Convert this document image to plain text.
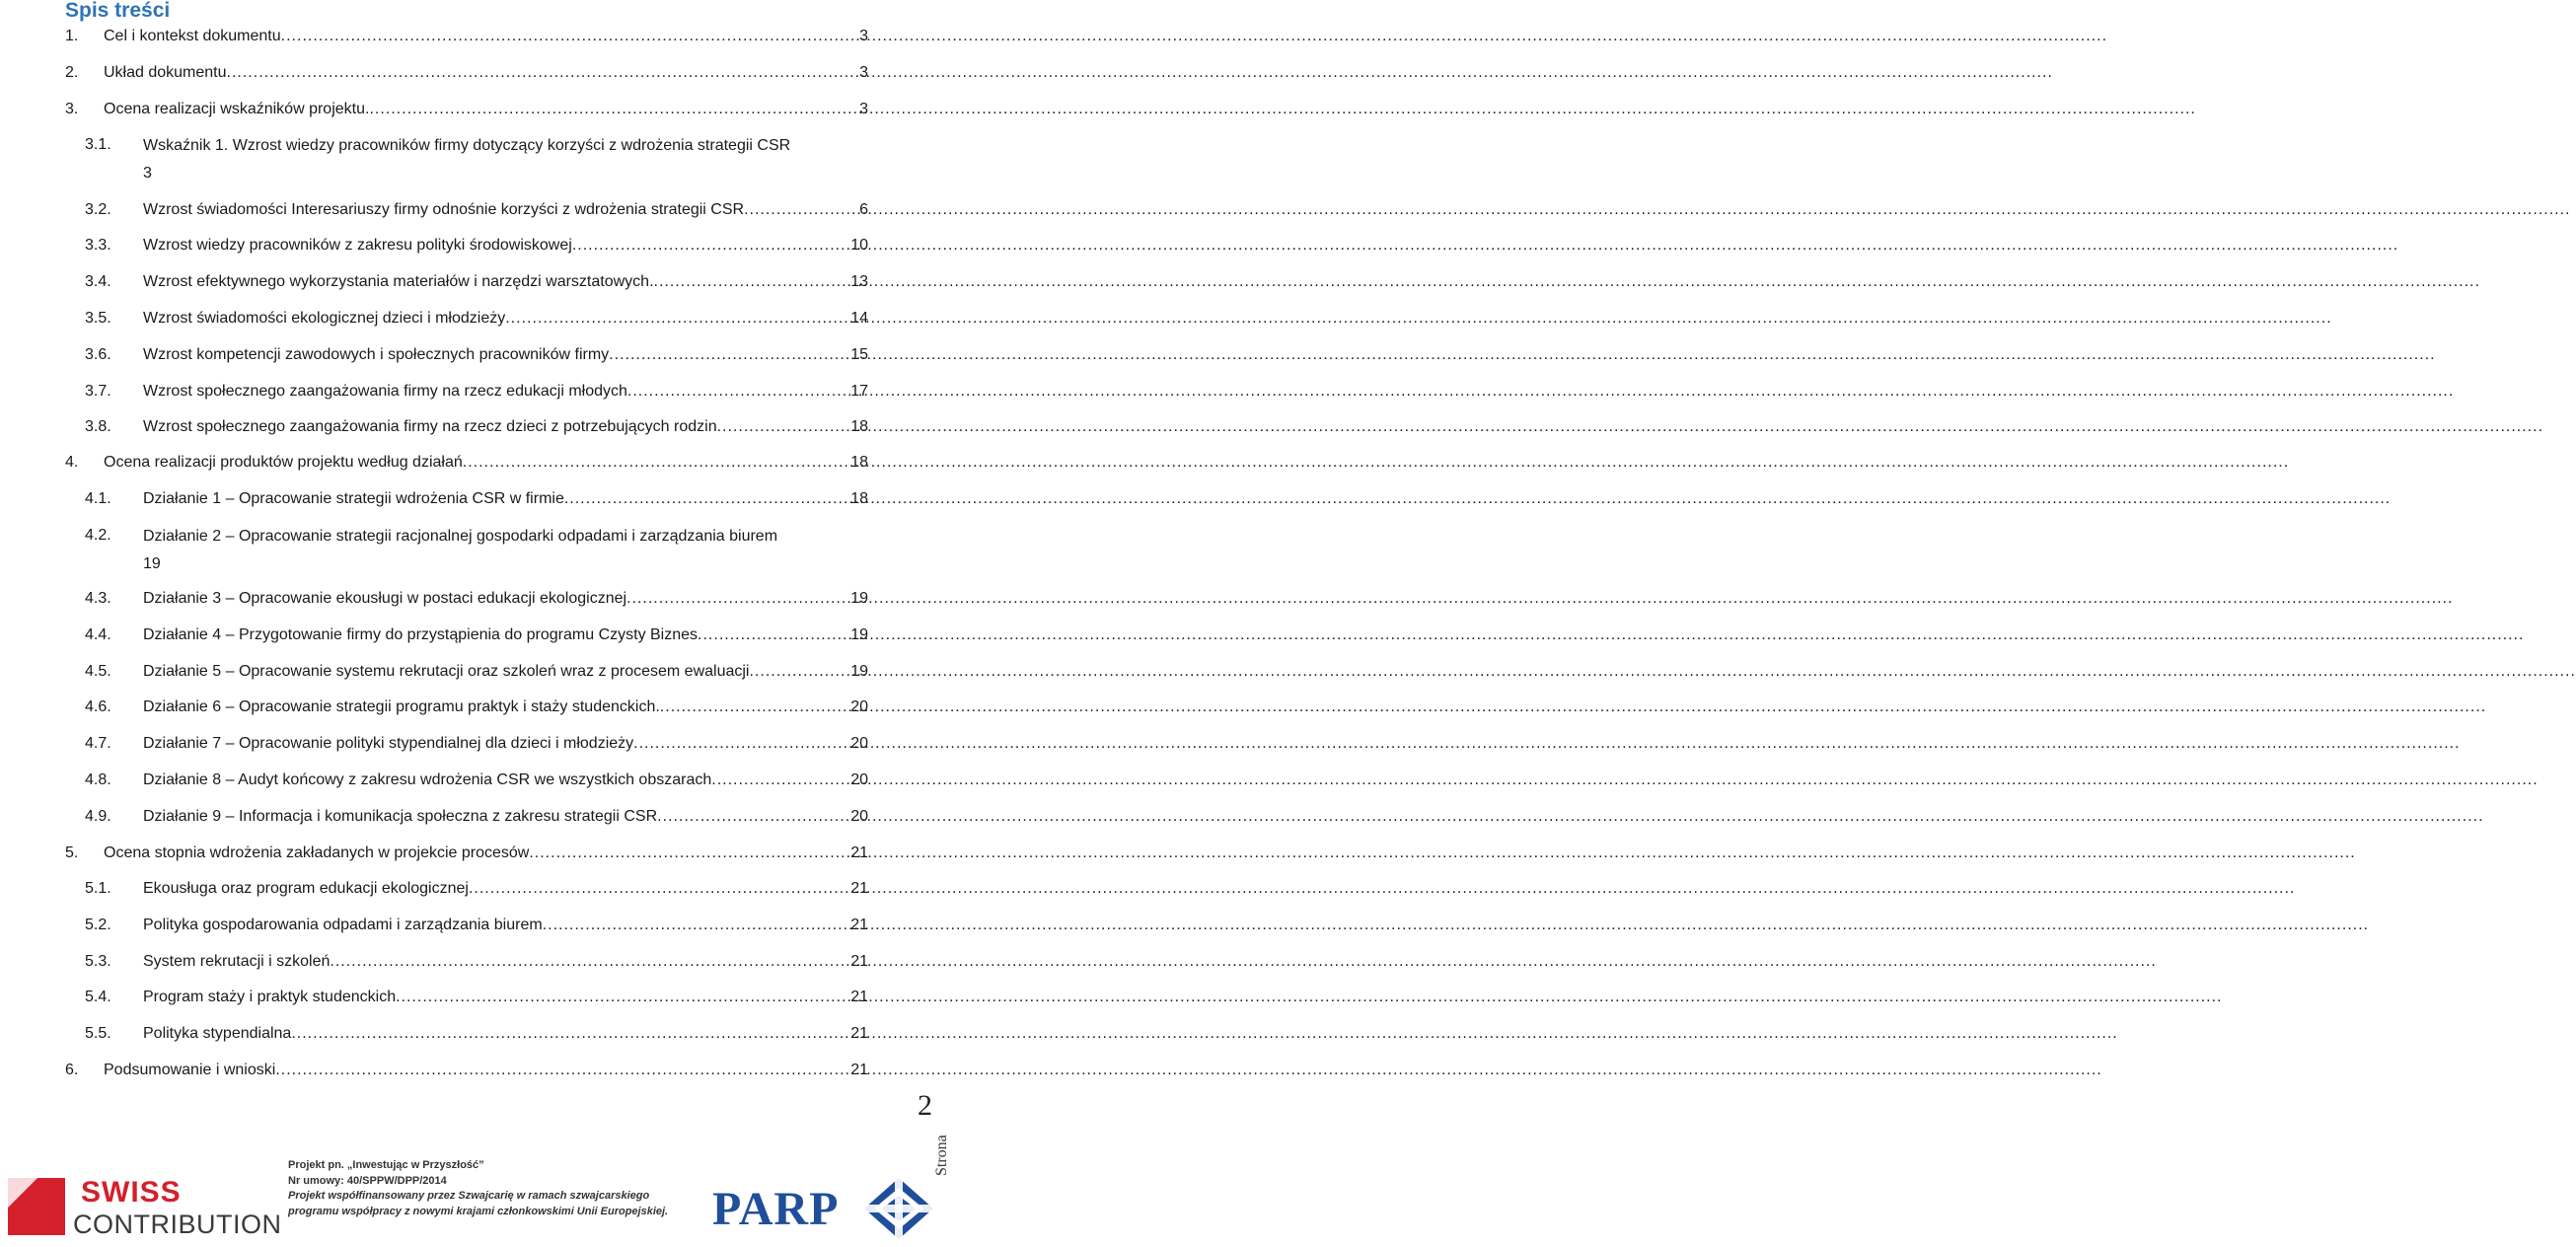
Spis treści
1. Cel i kontekst dokumentu .....	3
2. Układ dokumentu .....	3
3. Ocena realizacji wskaźników projektu. .....	3
3.1. Wskaźnik 1. Wzrost wiedzy pracowników firmy dotyczący korzyści z wdrożenia strategii CSR
3
3.2. Wzrost świadomości Interesariuszy firmy odnośnie korzyści z wdrożenia strategii CSR .....	6
3.3. Wzrost wiedzy pracowników z zakresu polityki środowiskowej .....	10
3.4. Wzrost efektywnego wykorzystania materiałów i narzędzi warsztatowych. .....	13
3.5. Wzrost świadomości ekologicznej dzieci i młodzieży .....	14
3.6. Wzrost kompetencji zawodowych i społecznych pracowników firmy .....	15
3.7. Wzrost społecznego zaangażowania firmy na rzecz edukacji młodych .....	17
3.8. Wzrost społecznego zaangażowania firmy na rzecz dzieci z potrzebujących rodzin .....	18
4. Ocena realizacji produktów projektu według działań .....	18
4.1. Działanie 1 – Opracowanie strategii wdrożenia CSR w firmie .....	18
4.2. Działanie 2 – Opracowanie strategii racjonalnej gospodarki odpadami i zarządzania biurem
19
4.3. Działanie 3 – Opracowanie ekousługi w postaci edukacji ekologicznej .....	19
4.4. Działanie 4 – Przygotowanie firmy do przystąpienia do programu Czysty Biznes .....	19
4.5. Działanie 5 – Opracowanie systemu rekrutacji oraz szkoleń wraz z procesem ewaluacji .....	19
4.6. Działanie 6 – Opracowanie strategii programu praktyk i staży studenckich. .....	20
4.7. Działanie 7 – Opracowanie polityki stypendialnej dla dzieci i młodzieży .....	20
4.8. Działanie 8 – Audyt końcowy z zakresu wdrożenia CSR we wszystkich obszarach .....	20
4.9. Działanie 9 – Informacja i komunikacja społeczna z zakresu strategii CSR .....	20
5. Ocena stopnia wdrożenia zakładanych w projekcie procesów .....	21
5.1. Ekousługa oraz program edukacji ekologicznej .....	21
5.2. Polityka gospodarowania odpadami i zarządzania biurem .....	21
5.3. System rekrutacji i szkoleń .....	21
5.4. Program staży i praktyk studenckich .....	21
5.5. Polityka stypendialna .....	21
6. Podsumowanie i wnioski .....	21
Strona
2
SWISS
CONTRIBUTION
Projekt pn. „Inwestując w Przyszłość”
Nr umowy: 40/SPPW/DPP/2014
Projekt współfinansowany przez Szwajcarię w ramach szwajcarskiego
programu współpracy z nowymi krajami członkowskimi Unii Europejskiej. PARP
